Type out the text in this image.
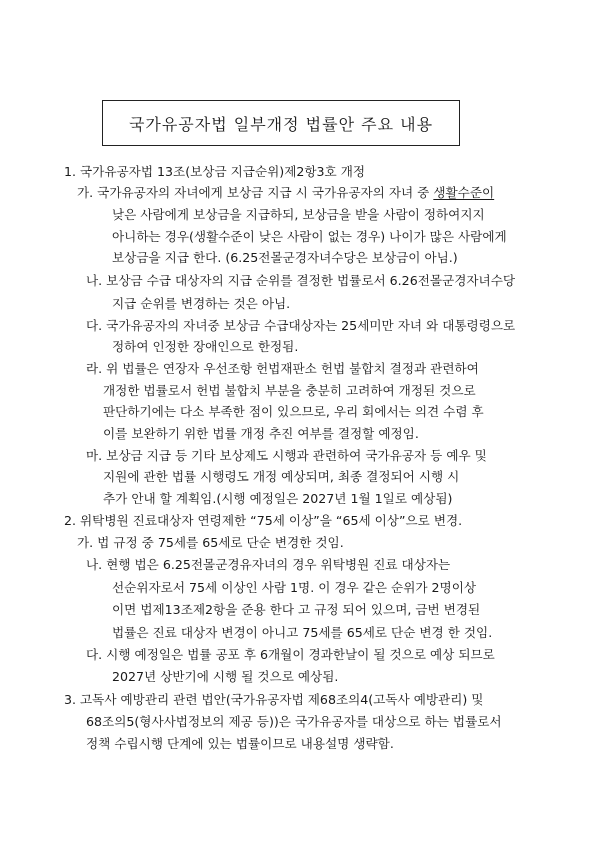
국가유공자법 일부개정 법률안 주요 내용
1. 국가유공자법 13조(보상금 지급순위)제2항3호 개정
가. 국가유공자의 자녀에게 보상금 지급 시 국가유공자의 자녀 중 생활수준이
낮은 사람에게 보상금을 지급하되, 보상금을 받을 사람이 정하여지지
아니하는 경우(생활수준이 낮은 사람이 없는 경우) 나이가 많은 사람에게
보상금을 지급 한다. (6.25전몰군경자녀수당은 보상금이 아님.)
나. 보상금 수급 대상자의 지급 순위를 결정한 법률로서 6.26전몰군경자녀수당
지급 순위를 변경하는 것은 아님.
다. 국가유공자의 자녀중 보상금 수급대상자는 25세미만 자녀 와 대통령령으로
정하여 인정한 장애인으로 한정됨.
라. 위 법률은 연장자 우선조항 헌법재판소 헌법 불합치 결정과 관련하여
개정한 법률로서 헌법 불합치 부분을 충분히 고려하여 개정된 것으로
판단하기에는 다소 부족한 점이 있으므로, 우리 회에서는 의견 수렴 후
이를 보완하기 위한 법률 개정 추진 여부를 결정할 예정임.
마. 보상금 지급 등 기타 보상제도 시행과 관련하여 국가유공자 등 예우 및
지원에 관한 법률 시행령도 개정 예상되며, 최종 결정되어 시행 시
추가 안내 할 계획임.(시행 예정일은 2027년 1월 1일로 예상됨)
2. 위탁병원 진료대상자 연령제한 “75세 이상”을 “65세 이상”으로 변경.
가. 법 규정 중 75세를 65세로 단순 변경한 것임.
나. 현행 법은 6.25전몰군경유자녀의 경우 위탁병원 진료 대상자는
선순위자로서 75세 이상인 사람 1명. 이 경우 같은 순위가 2명이상
이면 법제13조제2항을 준용 한다 고 규정 되어 있으며, 금번 변경된
법률은 진료 대상자 변경이 아니고 75세를 65세로 단순 변경 한 것임.
다. 시행 예정일은 법률 공포 후 6개월이 경과한날이 될 것으로 예상 되므로
2027년 상반기에 시행 될 것으로 예상됨.
3. 고독사 예방관리 관련 법안(국가유공자법 제68조의4(고독사 예방관리) 및
68조의5(형사사법정보의 제공 등))은 국가유공자를 대상으로 하는 법률로서
정책 수립시행 단계에 있는 법률이므로 내용설명 생략함.
